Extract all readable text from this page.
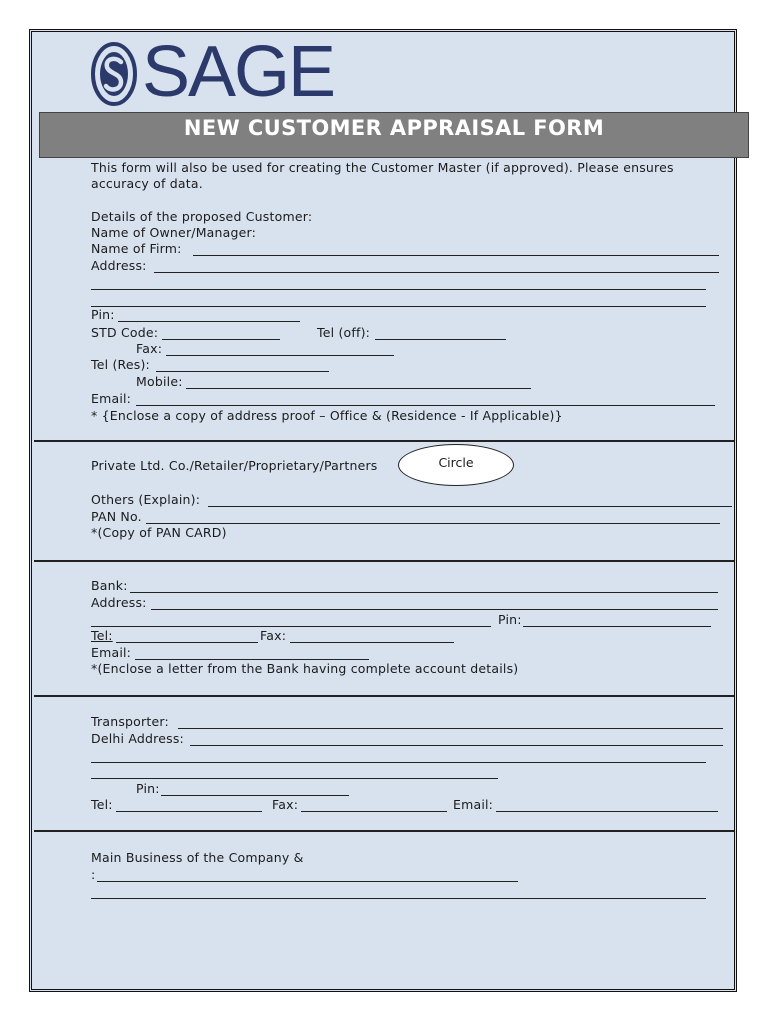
SAGE
NEW CUSTOMER APPRAISAL FORM
This form will also be used for creating the Customer Master (if approved). Please ensures
accuracy of data.
Details of the proposed Customer:
Name of Owner/Manager:
Name of Firm:
Address:
Pin:
STD Code:	Tel (off):
Fax:
Tel (Res):
Mobile:
Email:
* {Enclose a copy of address proof – Office & (Residence - If Applicable)}
Private Ltd. Co./Retailer/Proprietary/Partners	Circle
Others (Explain):
PAN No.
*(Copy of PAN CARD)
Bank:
Address:
Pin:
Tel:	Fax:
Email:
*(Enclose a letter from the Bank having complete account details)
Transporter:
Delhi Address:
Pin:
Tel:	Fax:	Email:
Main Business of the Company &
:
